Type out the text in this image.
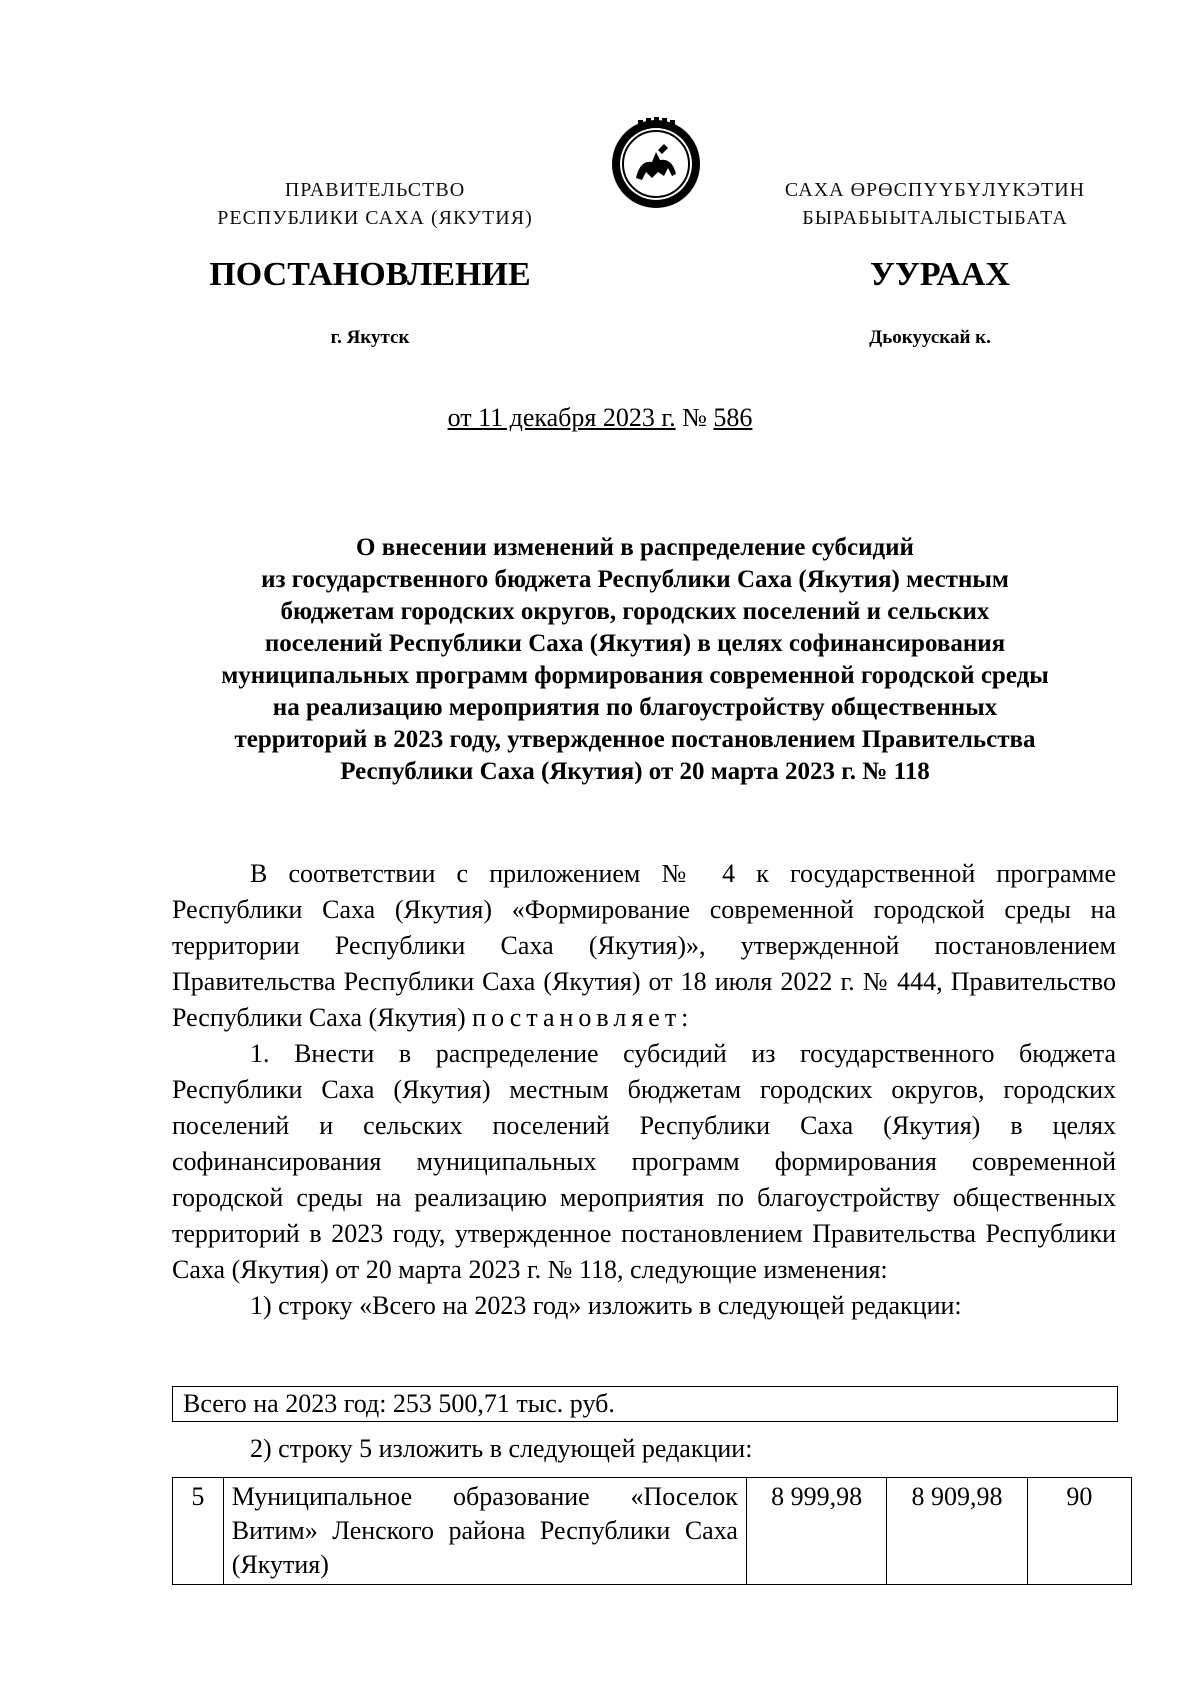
ПРАВИТЕЛЬСТВО
РЕСПУБЛИКИ САХА (ЯКУТИЯ)
САХА ӨРӨСПҮҮБҮЛҮКЭТИН
БЫРАБЫЫТАЛЫСТЫБАТА
ПОСТАНОВЛЕНИЕ	УУРААХ
г. Якутск	Дьокуускай к.
от 11 декабря 2023 г. № 586
О внесении изменений в распределение субсидий
из государственного бюджета Республики Саха (Якутия) местным
бюджетам городских округов, городских поселений и сельских
поселений Республики Саха (Якутия) в целях софинансирования
муниципальных программ формирования современной городской среды
на реализацию мероприятия по благоустройству общественных
территорий в 2023 году, утвержденное постановлением Правительства
Республики Саха (Якутия) от 20 марта 2023 г. № 118

В соответствии с приложением № 4 к государственной программе Республики Саха (Якутия) «Формирование современной городской среды на территории Республики Саха (Якутия)», утвержденной постановлением Правительства Республики Саха (Якутия) от 18 июля 2022 г. № 444, Правительство Республики Саха (Якутия) постановляет:

1. Внести в распределение субсидий из государственного бюджета Республики Саха (Якутия) местным бюджетам городских округов, городских поселений и сельских поселений Республики Саха (Якутия) в целях софинансирования муниципальных программ формирования современной городской среды на реализацию мероприятия по благоустройству общественных территорий в 2023 году, утвержденное постановлением Правительства Республики Саха (Якутия) от 20 марта 2023 г. № 118, следующие изменения:

1) строку «Всего на 2023 год» изложить в следующей редакции:

Всего на 2023 год: 253 500,71 тыс. руб.
2) строку 5 изложить в следующей редакции:
5	Муниципальное образование «Поселок Витим» Ленского района Республики Саха (Якутия)	8 999,98	8 909,98	90
